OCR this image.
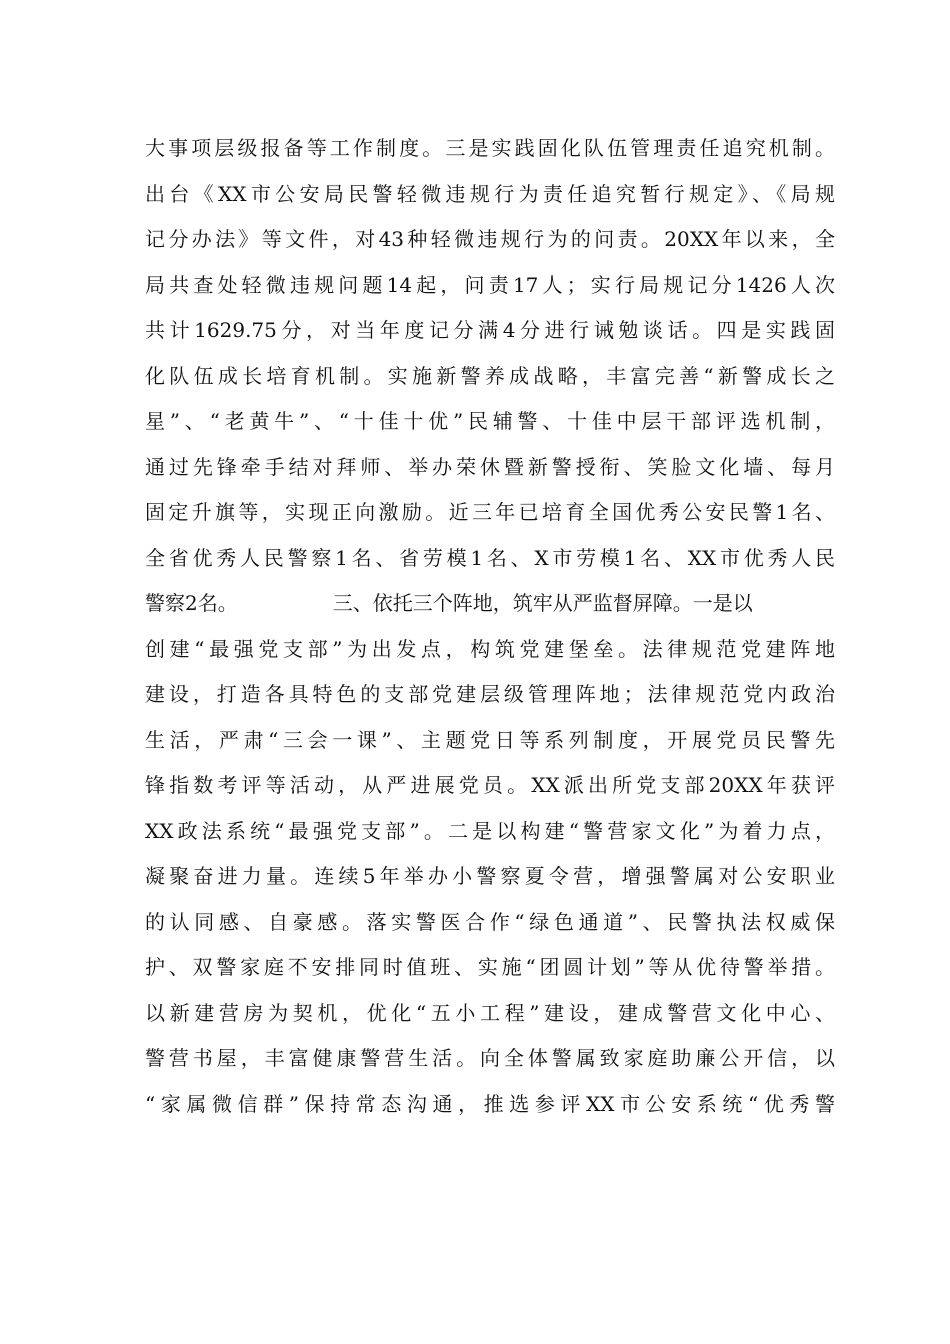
大事项层级报备等工作制度。三是实践固化队伍管理责任追究机制。
出台《XX市公安局民警轻微违规行为责任追究暂行规定》、《局规
记分办法》等文件，对43种轻微违规行为的问责。20XX年以来，全
局共查处轻微违规问题14起，问责17人；实行局规记分1426人次
共计1629.75分，对当年度记分满4分进行诫勉谈话。四是实践固
化队伍成长培育机制。实施新警养成战略，丰富完善“新警成长之
星”、“老黄牛”、“十佳十优”民辅警、十佳中层干部评选机制，
通过先锋牵手结对拜师、举办荣休暨新警授衔、笑脸文化墙、每月
固定升旗等，实现正向激励。近三年已培育全国优秀公安民警1名、
全省优秀人民警察1名、省劳模1名、X市劳模1名、XX市优秀人民
警察2名。	三、依托三个阵地，筑牢从严监督屏障。一是以
创建“最强党支部”为出发点，构筑党建堡垒。法律规范党建阵地
建设，打造各具特色的支部党建层级管理阵地；法律规范党内政治
生活，严肃“三会一课”、主题党日等系列制度，开展党员民警先
锋指数考评等活动，从严进展党员。XX派出所党支部20XX年获评
XX政法系统“最强党支部”。二是以构建“警营家文化”为着力点，
凝聚奋进力量。连续5年举办小警察夏令营，增强警属对公安职业
的认同感、自豪感。落实警医合作“绿色通道”、民警执法权威保
护、双警家庭不安排同时值班、实施“团圆计划”等从优待警举措。
以新建营房为契机，优化“五小工程”建设，建成警营文化中心、
警营书屋，丰富健康警营生活。向全体警属致家庭助廉公开信，以
“家属微信群”保持常态沟通，推选参评XX市公安系统“优秀警
